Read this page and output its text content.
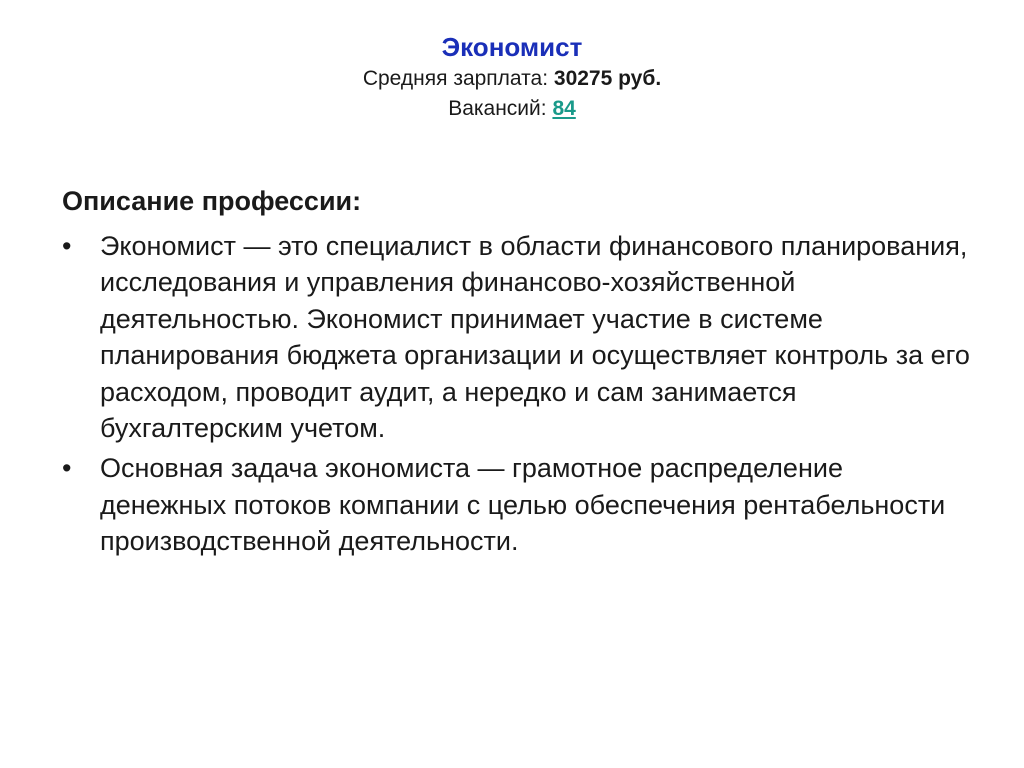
Экономист
Средняя зарплата: 30275 руб.
Вакансий: 84
Описание профессии:
• Экономист — это специалист в области финансового планирования, исследования и управления финансово-хозяйственной деятельностью. Экономист принимает участие в системе планирования бюджета организации и осуществляет контроль за его расходом, проводит аудит, а нередко и сам занимается бухгалтерским учетом.
• Основная задача экономиста — грамотное распределение денежных потоков компании с целью обеспечения рентабельности производственной деятельности.
